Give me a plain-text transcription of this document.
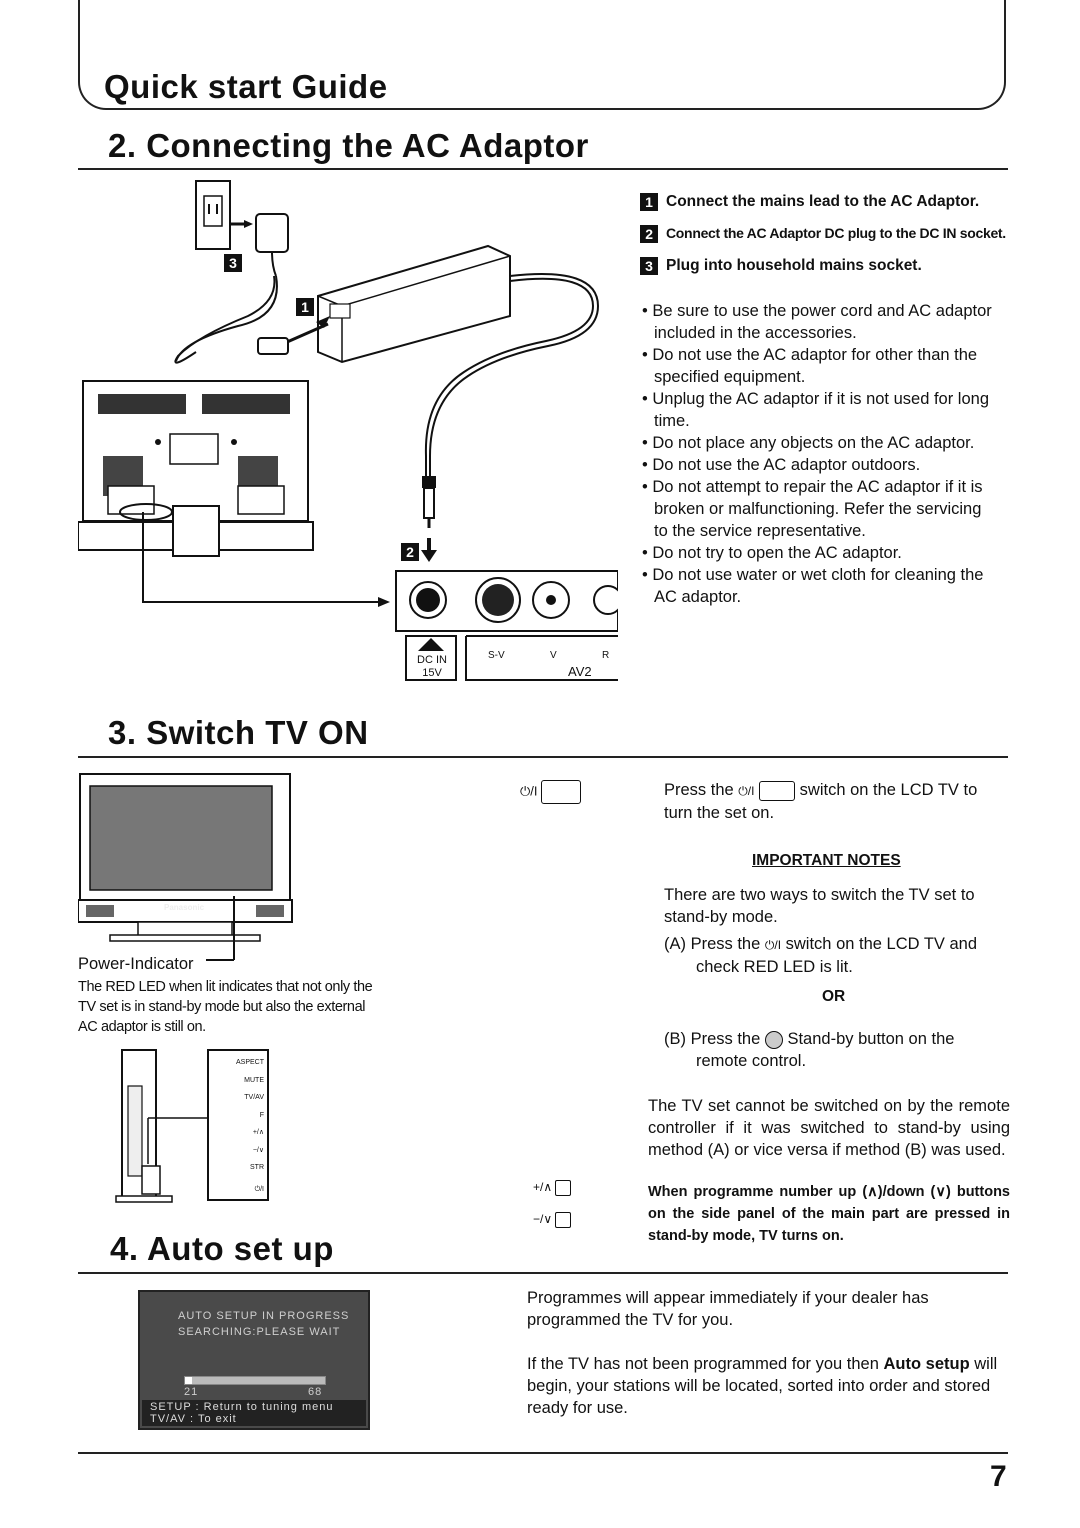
Quick start Guide
2. Connecting the AC Adaptor
3
1
2
DC IN
15V
S-V	V	R
AV2
1 Connect the mains lead to the AC Adaptor.
2 Connect the AC Adaptor DC plug to the DC IN socket.
3 Plug into household mains socket.
• Be sure to use the power cord and AC adaptor included in the accessories.
• Do not use the AC adaptor for other than the specified equipment.
• Unplug the AC adaptor if it is not used for long time.
• Do not place any objects on the AC adaptor.
• Do not use the AC adaptor outdoors.
• Do not attempt to repair the AC adaptor if it is broken or malfunctioning. Refer the servicing to the service representative.
• Do not try to open the AC adaptor.
• Do not use water or wet cloth for cleaning the AC adaptor.
3. Switch TV ON
Panasonic
Power-Indicator
The RED LED when lit indicates that not only the TV set is in stand-by mode but also the external AC adaptor is still on.
ASPECT
MUTE
TV/AV
F
+/∧
−/∨
STR
⏻/I
⏻/I	Press the ⏻/I	switch on the LCD TV to turn the set on.
IMPORTANT NOTES
There are two ways to switch the TV set to stand-by mode.
(A) Press the ⏻/I switch on the LCD TV and check RED LED is lit.
OR
(B) Press the Stand-by button on the remote control.
The TV set cannot be switched on by the remote controller if it was switched to stand-by using method (A) or vice versa if method (B) was used.
+/∧
−/∨
When programme number up (∧)/down (∨) buttons on the side panel of the main part are pressed in stand-by mode, TV turns on.
4. Auto set up
AUTO SETUP IN PROGRESS
SEARCHING:PLEASE WAIT
21	68
SETUP : Return to tuning menu
TV/AV : To exit
Programmes will appear immediately if your dealer has programmed the TV for you.
If the TV has not been programmed for you then Auto setup will begin, your stations will be located, sorted into order and stored ready for use.
7
